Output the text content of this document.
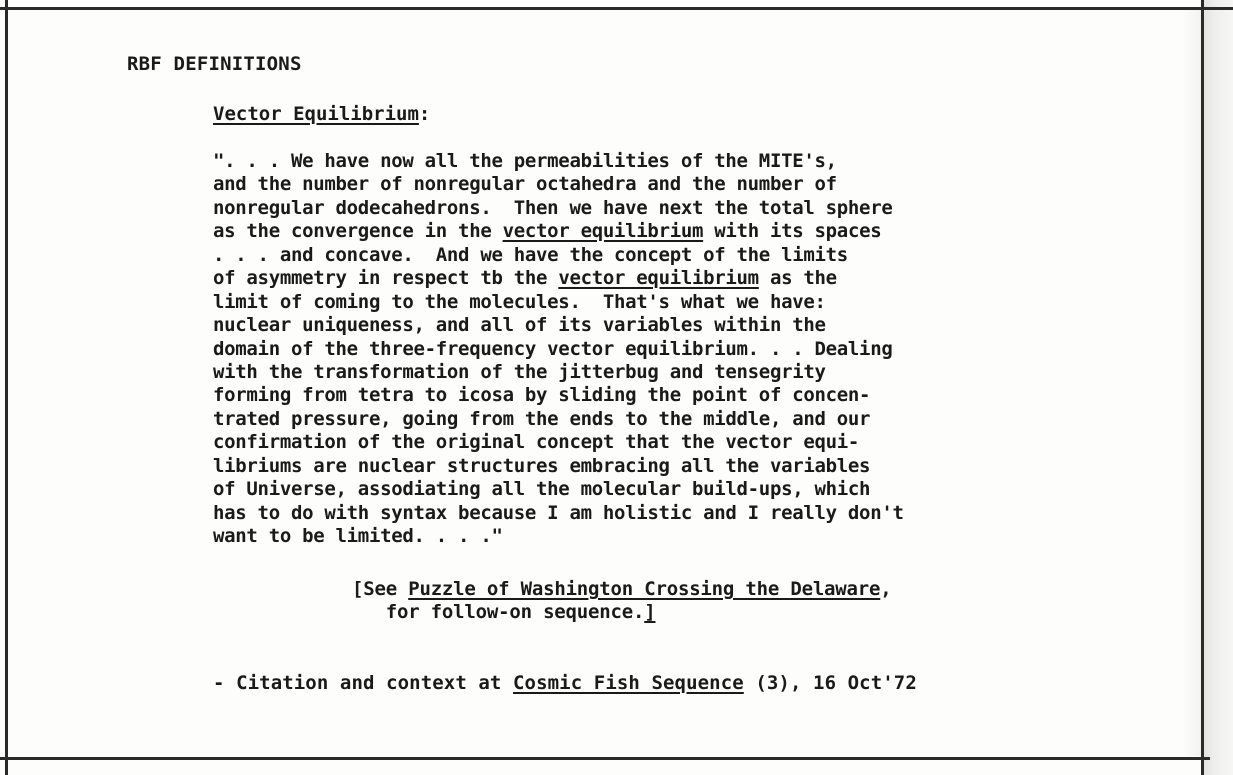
RBF DEFINITIONS
Vector Equilibrium:
". . . We have now all the permeabilities of the MITE's,
and the number of nonregular octahedra and the number of
nonregular dodecahedrons.  Then we have next the total sphere
as the convergence in the vector equilibrium with its spaces
. . . and concave.  And we have the concept of the limits
of asymmetry in respect tb the vector equilibrium as the
limit of coming to the molecules.  That's what we have:
nuclear uniqueness, and all of its variables within the
domain of the three-frequency vector equilibrium. . . Dealing
with the transformation of the jitterbug and tensegrity
forming from tetra to icosa by sliding the point of concen-
trated pressure, going from the ends to the middle, and our
confirmation of the original concept that the vector equi-
libriums are nuclear structures embracing all the variables
of Universe, assodiating all the molecular build-ups, which
has to do with syntax because I am holistic and I really don't
want to be limited. . . ."
[See Puzzle of Washington Crossing the Delaware,
for follow-on sequence.]
- Citation and context at Cosmic Fish Sequence (3), 16 Oct'72
